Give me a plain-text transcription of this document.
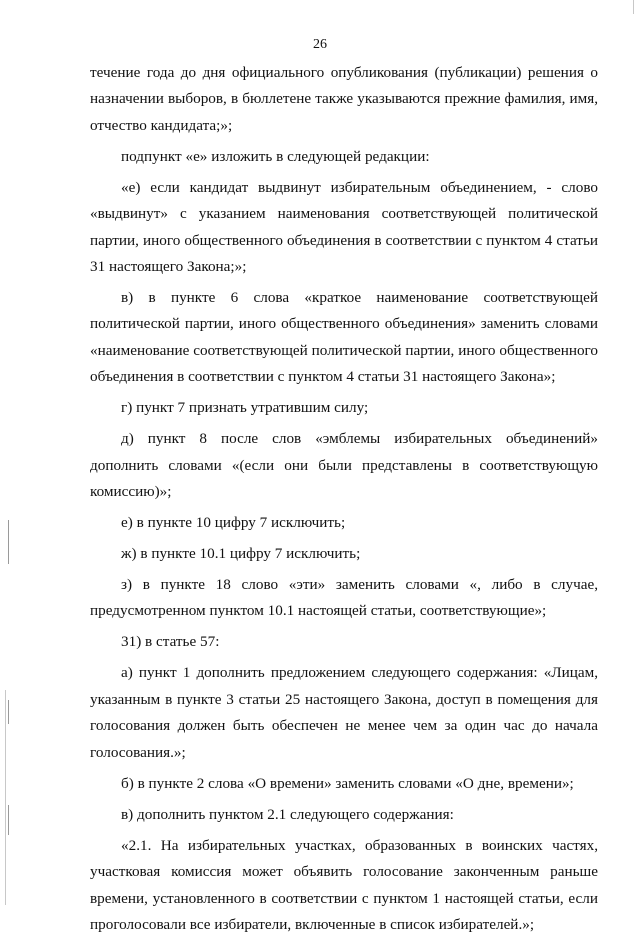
26

течение года до дня официального опубликования (публикации) решения о назначении выборов, в бюллетене также указываются прежние фамилия, имя, отчество кандидата;»;

подпункт «е» изложить в следующей редакции:

«е) если кандидат выдвинут избирательным объединением, - слово «выдвинут» с указанием наименования соответствующей политической партии, иного общественного объединения в соответствии с пунктом 4 статьи 31 настоящего Закона;»;

в) в пункте 6 слова «краткое наименование соответствующей политической партии, иного общественного объединения» заменить словами «наименование соответствующей политической партии, иного общественного объединения в соответствии с пунктом 4 статьи 31 настоящего Закона»;

г) пункт 7 признать утратившим силу;

д) пункт 8 после слов «эмблемы избирательных объединений» дополнить словами «(если они были представлены в соответствующую комиссию)»;

е) в пункте 10 цифру 7 исключить;

ж) в пункте 10.1 цифру 7 исключить;

з) в пункте 18 слово «эти» заменить словами «, либо в случае, предусмотренном пунктом 10.1 настоящей статьи, соответствующие»;

31) в статье 57:

а) пункт 1 дополнить предложением следующего содержания: «Лицам, указанным в пункте 3 статьи 25 настоящего Закона, доступ в помещения для голосования должен быть обеспечен не менее чем за один час до начала голосования.»;

б) в пункте 2 слова «О времени» заменить словами «О дне, времени»;

в) дополнить пунктом 2.1 следующего содержания:

«2.1. На избирательных участках, образованных в воинских частях, участковая комиссия может объявить голосование законченным раньше времени, установленного в соответствии с пунктом 1 настоящей статьи, если проголосовали все избиратели, включенные в список избирателей.»;
